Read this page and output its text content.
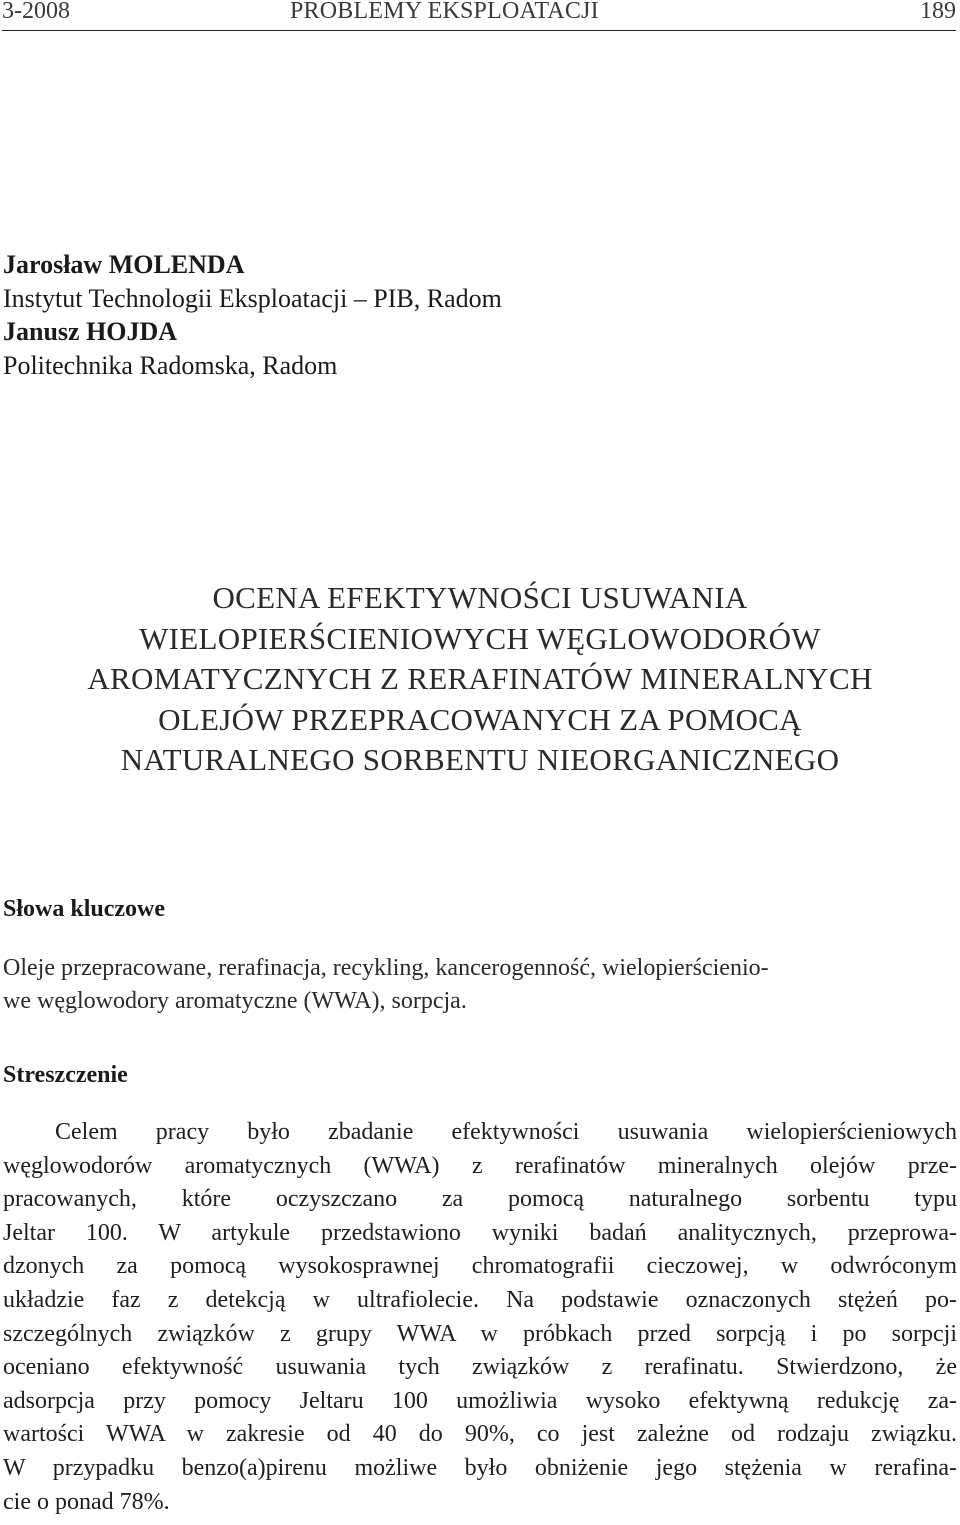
3-2008	PROBLEMY EKSPLOATACJI	189
Jarosław MOLENDA
Instytut Technologii Eksploatacji – PIB, Radom
Janusz HOJDA
Politechnika Radomska, Radom
OCENA EFEKTYWNOŚCI USUWANIA
WIELOPIERŚCIENIOWYCH WĘGLOWODORÓW
AROMATYCZNYCH Z RERAFINATÓW MINERALNYCH
OLEJÓW PRZEPRACOWANYCH ZA POMOCĄ
NATURALNEGO SORBENTU NIEORGANICZNEGO
Słowa kluczowe
Oleje przepracowane, rerafinacja, recykling, kancerogenność, wielopierścienio-
we węglowodory aromatyczne (WWA), sorpcja.
Streszczenie
Celem pracy było zbadanie efektywności usuwania wielopierścieniowych
węglowodorów aromatycznych (WWA) z rerafinatów mineralnych olejów prze-
pracowanych, które oczyszczano za pomocą naturalnego sorbentu typu
Jeltar 100. W artykule przedstawiono wyniki badań analitycznych, przeprowa-
dzonych za pomocą wysokosprawnej chromatografii cieczowej, w odwróconym
układzie faz z detekcją w ultrafiolecie. Na podstawie oznaczonych stężeń po-
szczególnych związków z grupy WWA w próbkach przed sorpcją i po sorpcji
oceniano efektywność usuwania tych związków z rerafinatu. Stwierdzono, że
adsorpcja przy pomocy Jeltaru 100 umożliwia wysoko efektywną redukcję za-
wartości WWA w zakresie od 40 do 90%, co jest zależne od rodzaju związku.
W przypadku benzo(a)pirenu możliwe było obniżenie jego stężenia w rerafina-
cie o ponad 78%.
